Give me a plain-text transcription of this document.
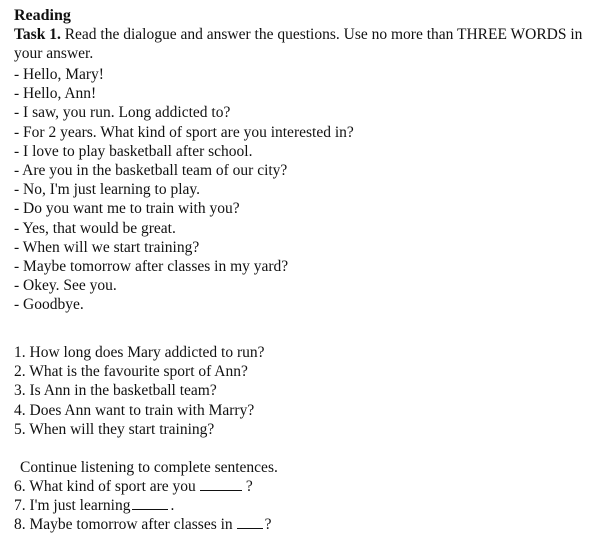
Reading
Task 1. Read the dialogue and answer the questions. Use no more than THREE WORDS in your answer.
- Hello, Mary!
- Hello, Ann!
- I saw, you run. Long addicted to?
- For 2 years. What kind of sport are you interested in?
- I love to play basketball after school.
- Are you in the basketball team of our city?
- No, I'm just learning to play.
- Do you want me to train with you?
- Yes, that would be great.
- When will we start training?
- Maybe tomorrow after classes in my yard?
- Okey. See you.
- Goodbye.
1. How long does Mary addicted to run?
2. What is the favourite sport of Ann?
3. Is Ann in the basketball team?
4. Does Ann want to train with Marry?
5. When will they start training?
Continue listening to complete sentences.
6. What kind of sport are you	?
7. I'm just learning	.
8. Maybe tomorrow after classes in ?
